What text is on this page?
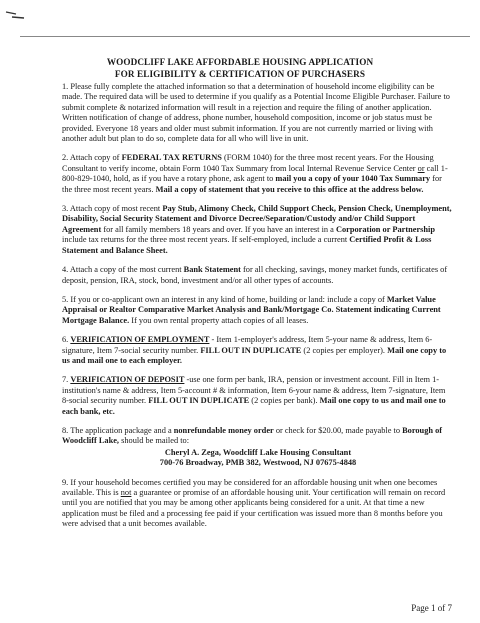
WOODCLIFF LAKE AFFORDABLE HOUSING APPLICATION
FOR ELIGIBILITY & CERTIFICATION OF PURCHASERS

1. Please fully complete the attached information so that a determination of household income eligibility can be made. The required data will be used to determine if you qualify as a Potential Income Eligible Purchaser. Failure to submit complete & notarized information will result in a rejection and require the filing of another application. Written notification of change of address, phone number, household composition, income or job status must be provided. Everyone 18 years and older must submit information. If you are not currently married or living with another adult but plan to do so, complete data for all who will live in unit.

2. Attach copy of FEDERAL TAX RETURNS (FORM 1040) for the three most recent years. For the Housing Consultant to verify income, obtain Form 1040 Tax Summary from local Internal Revenue Service Center or call 1-800-829-1040, hold, as if you have a rotary phone, ask agent to mail you a copy of your 1040 Tax Summary for the three most recent years. Mail a copy of statement that you receive to this office at the address below.

3. Attach copy of most recent Pay Stub, Alimony Check, Child Support Check, Pension Check, Unemployment, Disability, Social Security Statement and Divorce Decree/Separation/Custody and/or Child Support Agreement for all family members 18 years and over. If you have an interest in a Corporation or Partnership include tax returns for the three most recent years. If self-employed, include a current Certified Profit & Loss Statement and Balance Sheet.

4. Attach a copy of the most current Bank Statement for all checking, savings, money market funds, certificates of deposit, pension, IRA, stock, bond, investment and/or all other types of accounts.

5. If you or co-applicant own an interest in any kind of home, building or land: include a copy of Market Value Appraisal or Realtor Comparative Market Analysis and Bank/Mortgage Co. Statement indicating Current Mortgage Balance. If you own rental property attach copies of all leases.

6. VERIFICATION OF EMPLOYMENT - Item 1-employer's address, Item 5-your name & address, Item 6-signature, Item 7-social security number. FILL OUT IN DUPLICATE (2 copies per employer). Mail one copy to us and mail one to each employer.

7. VERIFICATION OF DEPOSIT -use one form per bank, IRA, pension or investment account. Fill in Item 1-institution's name & address, Item 5-account # & information, Item 6-your name & address, Item 7-signature, Item 8-social security number. FILL OUT IN DUPLICATE (2 copies per bank). Mail one copy to us and mail one to each bank, etc.

8. The application package and a nonrefundable money order or check for $20.00, made payable to Borough of Woodcliff Lake, should be mailed to:

Cheryl A. Zega, Woodcliff Lake Housing Consultant

700-76 Broadway, PMB 382, Westwood, NJ 07675-4848

9. If your household becomes certified you may be considered for an affordable housing unit when one becomes available. This is not a guarantee or promise of an affordable housing unit. Your certification will remain on record until you are notified that you may be among other applicants being considered for a unit. At that time a new application must be filed and a processing fee paid if your certification was issued more than 8 months before you were advised that a unit becomes available.

Page 1 of 7
